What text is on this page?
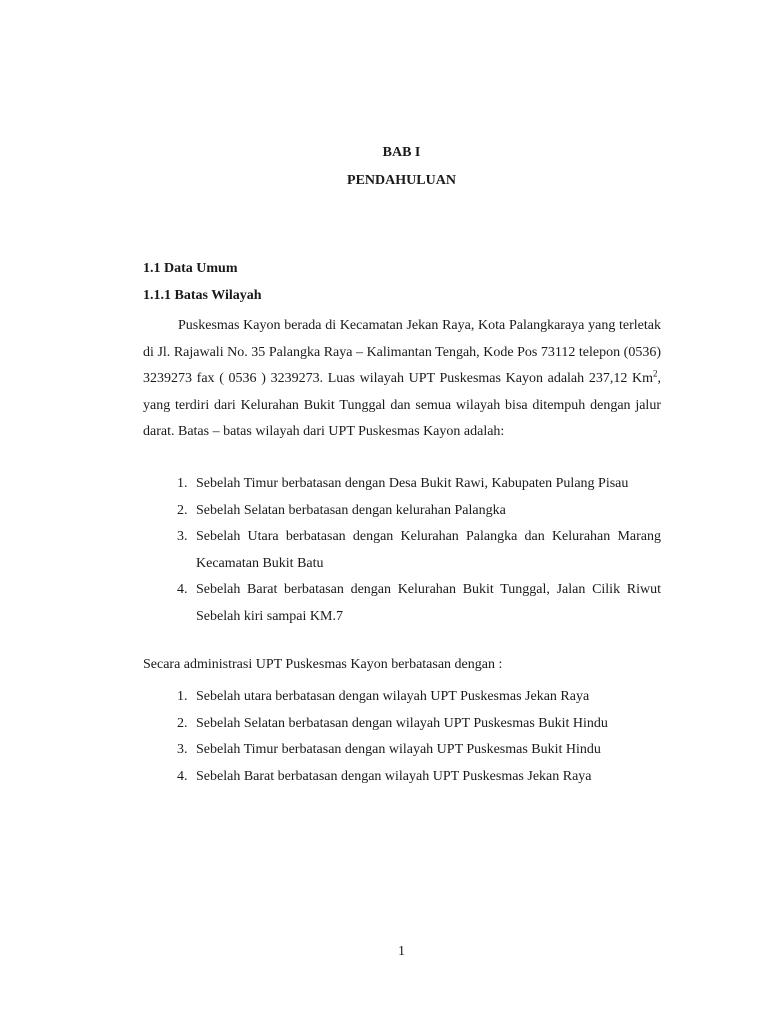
BAB I
PENDAHULUAN
1.1 Data Umum
1.1.1 Batas Wilayah

Puskesmas Kayon berada di Kecamatan Jekan Raya, Kota Palangkaraya yang terletak di Jl. Rajawali No. 35 Palangka Raya – Kalimantan Tengah, Kode Pos 73112 telepon (0536) 3239273 fax ( 0536 ) 3239273. Luas wilayah UPT Puskesmas Kayon adalah 237,12 Km$^2$, yang terdiri dari Kelurahan Bukit Tunggal dan semua wilayah bisa ditempuh dengan jalur darat. Batas – batas wilayah dari UPT Puskesmas Kayon adalah:

1. Sebelah Timur berbatasan dengan Desa Bukit Rawi, Kabupaten Pulang Pisau
2. Sebelah Selatan berbatasan dengan kelurahan Palangka
3. Sebelah Utara berbatasan dengan Kelurahan Palangka dan Kelurahan Marang Kecamatan Bukit Batu
4. Sebelah Barat berbatasan dengan Kelurahan Bukit Tunggal, Jalan Cilik Riwut Sebelah kiri sampai KM.7
Secara administrasi UPT Puskesmas Kayon berbatasan dengan :
1. Sebelah utara berbatasan dengan wilayah UPT Puskesmas Jekan Raya
2. Sebelah Selatan berbatasan dengan wilayah UPT Puskesmas Bukit Hindu
3. Sebelah Timur berbatasan dengan wilayah UPT Puskesmas Bukit Hindu
4. Sebelah Barat berbatasan dengan wilayah UPT Puskesmas Jekan Raya
1
